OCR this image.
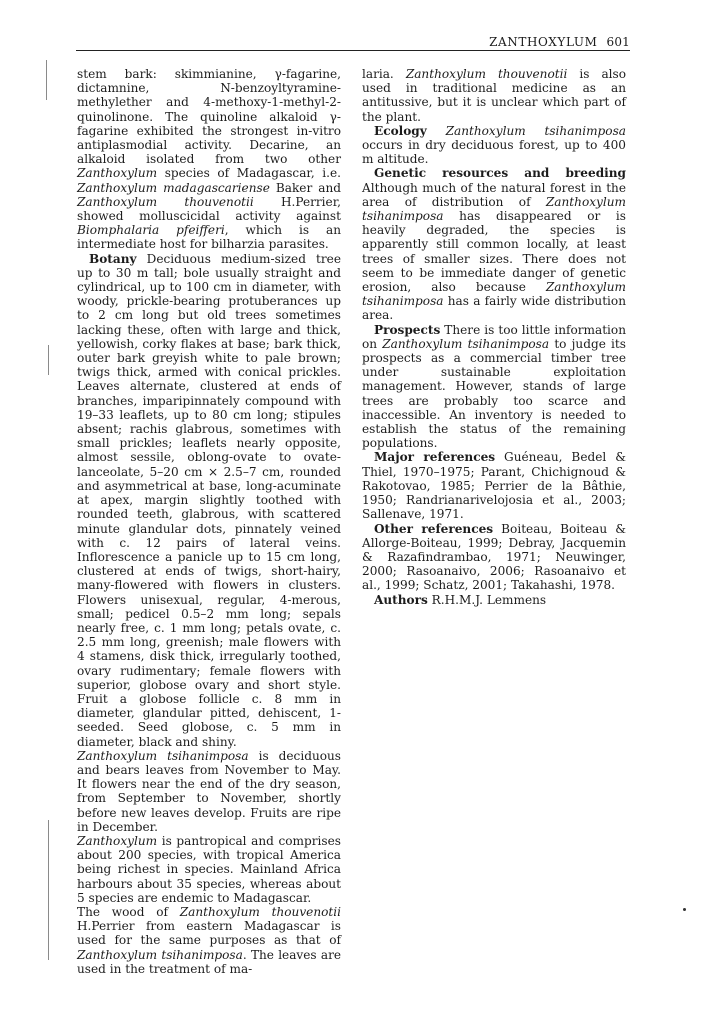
ZANTHOXYLUM 601

stem bark: skimmianine, γ-fagarine, dictamnine, N-benzoyltyramine-methylether and 4-methoxy-1-methyl-2-quinolinone. The quinoline alkaloid γ-fagarine exhibited the strongest in-vitro antiplasmodial activity. Decarine, an alkaloid isolated from two other Zanthoxylum species of Madagascar, i.e. Zanthoxylum madagascariense Baker and Zanthoxylum thouvenotii H.Perrier, showed molluscicidal activity against Biomphalaria pfeifferi, which is an intermediate host for bilharzia parasites.

Botany Deciduous medium-sized tree up to 30 m tall; bole usually straight and cylindrical, up to 100 cm in diameter, with woody, prickle-bearing protuberances up to 2 cm long but old trees sometimes lacking these, often with large and thick, yellowish, corky flakes at base; bark thick, outer bark greyish white to pale brown; twigs thick, armed with conical prickles. Leaves alternate, clustered at ends of branches, imparipinnately compound with 19–33 leaflets, up to 80 cm long; stipules absent; rachis glabrous, sometimes with small prickles; leaflets nearly opposite, almost sessile, oblong-ovate to ovate-lanceolate, 5–20 cm × 2.5–7 cm, rounded and asymmetrical at base, long-acuminate at apex, margin slightly toothed with rounded teeth, glabrous, with scattered minute glandular dots, pinnately veined with c. 12 pairs of lateral veins. Inflorescence a panicle up to 15 cm long, clustered at ends of twigs, short-hairy, many-flowered with flowers in clusters. Flowers unisexual, regular, 4-merous, small; pedicel 0.5–2 mm long; sepals nearly free, c. 1 mm long; petals ovate, c. 2.5 mm long, greenish; male flowers with 4 stamens, disk thick, irregularly toothed, ovary rudimentary; female flowers with superior, globose ovary and short style. Fruit a globose follicle c. 8 mm in diameter, glandular pitted, dehiscent, 1-seeded. Seed globose, c. 5 mm in diameter, black and shiny.

Zanthoxylum tsihanimposa is deciduous and bears leaves from November to May. It flowers near the end of the dry season, from September to November, shortly before new leaves develop. Fruits are ripe in December.

Zanthoxylum is pantropical and comprises about 200 species, with tropical America being richest in species. Mainland Africa harbours about 35 species, whereas about 5 species are endemic to Madagascar.

The wood of Zanthoxylum thouvenotii H.Perrier from eastern Madagascar is used for the same purposes as that of Zanthoxylum tsihanimposa. The leaves are used in the treatment of ma-

laria. Zanthoxylum thouvenotii is also used in traditional medicine as an antitussive, but it is unclear which part of the plant.

Ecology Zanthoxylum tsihanimposa occurs in dry deciduous forest, up to 400 m altitude.

Genetic resources and breeding Although much of the natural forest in the area of distribution of Zanthoxylum tsihanimposa has disappeared or is heavily degraded, the species is apparently still common locally, at least trees of smaller sizes. There does not seem to be immediate danger of genetic erosion, also because Zanthoxylum tsihanimposa has a fairly wide distribution area.

Prospects There is too little information on Zanthoxylum tsihanimposa to judge its prospects as a commercial timber tree under sustainable exploitation management. However, stands of large trees are probably too scarce and inaccessible. An inventory is needed to establish the status of the remaining populations.

Major references Guéneau, Bedel & Thiel, 1970–1975; Parant, Chichignoud & Rakotovao, 1985; Perrier de la Bâthie, 1950; Randrianarivelojosia et al., 2003; Sallenave, 1971.

Other references Boiteau, Boiteau & Allorge-Boiteau, 1999; Debray, Jacquemin & Razafindrambao, 1971; Neuwinger, 2000; Rasoanaivo, 2006; Rasoanaivo et al., 1999; Schatz, 2001; Takahashi, 1978.

Authors R.H.M.J. Lemmens
